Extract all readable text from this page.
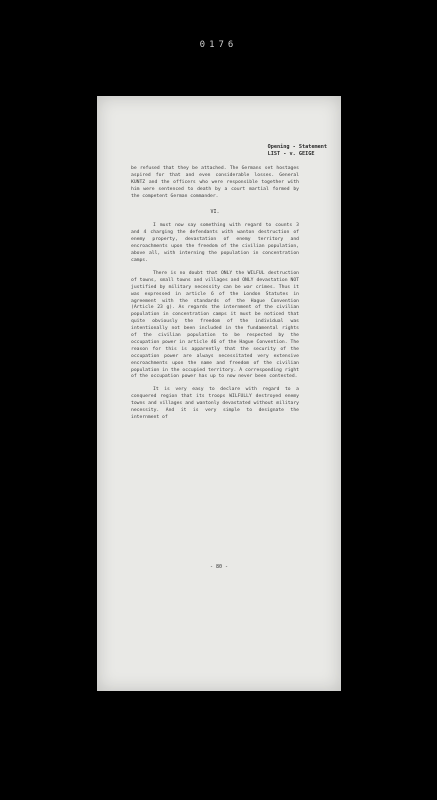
0176
Opening - Statement
LIST - v. GEIGE

be refused that they be attached. The Germans set hostages aspired for that and even considerable losses. General KUNTZ and the officers who were responsible together with him were sentenced to death by a court martial formed by the competent German commander.

VI.

I must now say something with regard to counts 3 and 4 charging the defendants with wanton destruction of enemy property, devastation of enemy territory and encroachments upon the freedom of the civilian population, above all, with interning the population in concentration camps.

There is no doubt that ONLY the WILFUL destruction of towns, small towns and villages and ONLY devastation NOT justified by military necessity can be war crimes. Thus it was expressed in article 6 of the London Statutes in agreement with the standards of the Hague Convention (Article 23 g). As regards the internment of the civilian population in concentration camps it must be noticed that quite obviously the freedom of the individual was intentionally not been included in the fundamental rights of the civilian population to be respected by the occupation power in article 46 of the Hague Convention. The reason for this is apparently that the security of the occupation power are always necessitated very extensive encroachments upon the name and freedom of the civilian population in the occupied territory. A corresponding right of the occupation power has up to now never been contested.

It is very easy to declare with regard to a conquered region that its troops WILFULLY destroyed enemy towns and villages and wantonly devastated without military necessity. And it is very simple to designate the internment of

- 80 -
